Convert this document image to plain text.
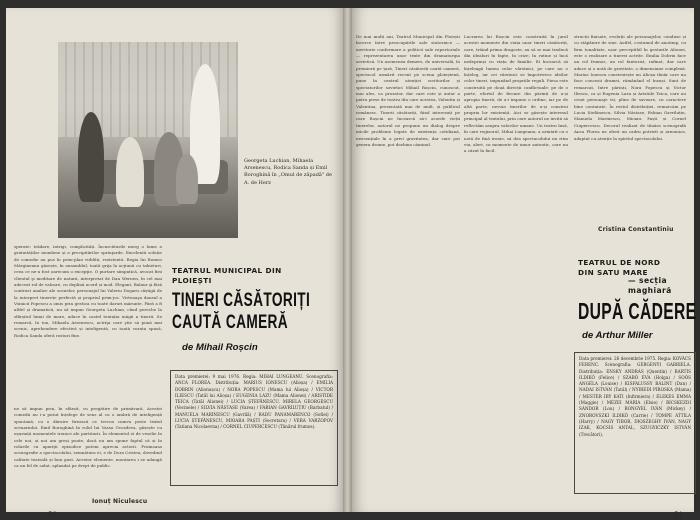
Georgeta Luchian, Mihaela Arsenescu, Rodica Sanda și Emil Boroghină în „Omul de zăpadă" de A. de Herz

sperate: trădare, intrigi, complicități. Încurcăturile merg o lume a gratuităților mondene și a precipitărilor sprinţarde. Excelentă soluție de comedie au pus în prim-plan viddită, rezistentă. Regia lui Romeo Mărgineanu găsește, în ansamblul, toată grija la acţiunii cu tabieturi, ceea ce ne-a fost oarecum o excepţie. O purtare simpatică, avocat firii clientul şi meditare de natură, interpretat de Dan Wernen, în cel mai adecvat rol de valoare, cu deplină acord și mod. Elegant, Balaur şi fără contrast analize ale scenelor, personajul lui Valeriu Dogaru câștigă de la interpret tinerețe perfectă și propriul prim-joc. Virtuoaşa dansul a Voinicii Popescu a omis prin gestica cu toate daruri mărunte. Fără a fi altfel și dramatică, nu să impun Georgeta Luchian, când pereche la sfârșitul lumii de mare, aduce în castel tentația măgii a tinerii. Se remarcă, în ton, Mihaela Arsenescu, actriţa care ştie să pună mai scenic, aprehendere efectivă și inteligentă, cu toată curata spusă, Rodica Sanda oferă rosturi fine.

ne să impun prin, în sfârșit, cu pregătire de primăvară. Acestei comedii nu i-a putut înțelege de sens al cu o umbră de inteligență spontană, cu o dăruire firească ce trecea cumva peste textul scenariului. Emil Boroghină în rolul lui Vassa Gvozdeva, găsește cu ușurință momentele ironice ale partiturii. În elementul ei de veselie în cele noi, și noi am greși poate, dacă nu am spune faptul că și în rolurile cu apariţii episodice putem aprecia actorii. Frumoasa scenografie a spectacolului, semnătura ei, e de Dora Cristea, dovedind calitate teatrală și bun gust. Acestor elemente, montarea i se adaugă ca un fel de salut, aplaudat pe drept de public.

Ionuț Niculescu

TEATRUL MUNICIPAL DIN PLOIEȘTI

TINERI CĂSĂTORIȚI

CAUTĂ CAMERĂ

de Mihail Roșcin

Data premierei: 9 mai 1976. Regia: MIHAI LUNGEANU. Scenografia: ANCA FLOREA. Distribuția: MARIUS IONESCU (Alioșa) / EMILIA DOBRIN (Alionușca) / NORA POPESCU (Mama lui Alioșa) / VICTOR ILIESCU (Tatăl lui Alioșa) / EUGENIA LAZU (Mama Alionei) / ARISTIDE TEICA (Tatăl Alionei) / LUCIA ȘTEFĂNESCU, MIRELA GEORGESCU (Vecinele) / SILVIA NĂSTASE (Varea) / FABIAN GAVRILUȚIU (Barbatul) / MANUELA MARINESCU (Gavrilă) / RADU PANAMARENCO (Sofiei) / LUCIA ȘTEFĂNESCU, MIOARA PAȘTI (Secretara) / VERA VARZOPOV (Tatiana Nicolaevna) / CORNEL CIUPERCESCU (Tânărul frumos).

50

De mai mulți ani, Teatrul Municipal din Ploiești încerce între preocupările sale statornice — meritorie conformare a politicii sale repertoriale — reprezentarea unor texte din dramaturgia sovietică. Un asemenea demers, de universală, în premieră pe țară, Tineri căsătoriți caută cameră, spectacol urmărit recent pe scena ploieștenă, pune în centrul atenției scriitorilor și spectatorilor sovietici Mihail Roșcin, cunoscut, mai ales, ca prozator, dar care este și autor a patru piese de teatru din care acestea, Valentin și Valentina, prezentată mai de mult, și publicul românesc. Tinerii căsătoriți, fiind interesați pe care Roșcin ne încearcă să-i acorde vieții tinerelor, autorul ne propune un dialog despre micile probleme legate de existența cotidiană, neesențiale în a privi gravitatea, dar care pot genera drame, pot dezbina căminul.

Lucrarea lui Roșcin este construită în jurul acestei momente din viața unor tineri căsătoriți, care, trăind prima dragoste, au să se mai traducă din idealuri în fapte, în crize, în rutine și încă nedeprinși cu viața de familie. Ei încearcă să înțeleagă lumea celor vârstnici, pe care nu o înțeleg, iar cei vârstnici se împotrivesc ideilor celor tineri, impunând propriile reguli. Piesa este construită pe două direcții conflictuale: pe de o parte, efortul de fiecare din părinți de a-și apropia tinerii, de a-i impune o ordine, iar pe de altă parte, nevoia tinerilor de a-și construi propria lor existență. Aici se găsește interesul principal al textului, prin care autorul ne invită să reflectăm asupra valorilor umane. Un teatru însă, în care regizorul, Mihai Lungeanu, a urmărit cu o notă de fină ironie, să dea spectacolului un ritm viu, alert, cu momente de umor autentic, care nu a căzut în facil.

strucții finisate, evoluții ale personajelor, conduse și cu stăpânire de sine. Astfel, costumul de anotimp, cu firm tonalitate, ușor perceptibil în gesturile Alionei, este o realizare a tinerei actrițe. Emilia Dobrin face un rol frumos, un rol fantezist, rafinat, dar care aduce și o notă de gravitate, o dimensiune complexă. Marius Ionescu construiește un Alioșa tânăr care nu face concesii dramei, rămânând el însuși. Sunt de remarcat, între părinți, Nora Popescu și Victor Iliescu, ca și Eugenia Lazu și Aristide Teica, care au creat personaje vii, pline de savoare, cu caractere bine conturate. În restul distribuției, remarcăm pe Lucia Ștefănescu, Silvia Năstase, Fabian Gavriluțiu, Manuela Marinescu, Mioara Paști și Cornel Ciupercescu. Decorul realizat de tânăra scenografă Anca Florea ne oferă un cadru potrivit și armonios, adaptat cu atenție la spiritul spectacolului.

Cristina Constantiniu

TEATRUL DE NORD

DIN SATU MARE

— secția maghiară

DUPĂ CĂDERE

de Arthur Miller

Data premierei: 26 decembrie 1975. Regia: KOVÁCS FERENC. Scenografia: GERGENYI GABRIELA. Distribuția: ENSKY ANDRÁS (Quentin) / BARTIS ILDIKÓ (Felice) / SZABÓ ÉVA (Holga) / SOÓS ANGÉLA (Louise) / KISFALUSSY BÁLINT (Dan) / NADAI ISTVÁN (Tatăl) / NYIREDI PIROSKA (Mama) / MESTER IBY KATI (Infirmiera) / ELEKES EMMA (Maggie) / MÉZEI MÁRIA (Elsie) / BICSKEZDI SÁNDOR (Lou) / BONGYEL IVÁN (Mickey) / ZNOROVSZKI ILDIKÓ (Carrie) / TOMPE ATTILA (Harry) / NAGY TIBOR, DIOSZEGHY IVÁN, NAGY IZAK, KOCSIS ANTAL, SZUGYICZKY ISTVÁN (Trecători).

51
